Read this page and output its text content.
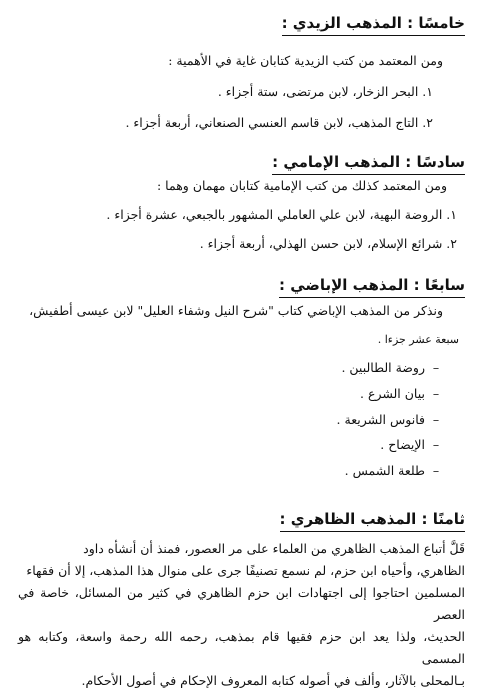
خامسًا : المذهب الزيدي :
ومن المعتمد من كتب الزيدية كتابان غاية في الأهمية :
١. البحر الزخار، لابن مرتضى، ستة أجزاء .
٢. التاج المذهب، لابن قاسم العنسي الصنعاني، أربعة أجزاء .
سادسًا : المذهب الإمامي :
ومن المعتمد كذلك من كتب الإمامية كتابان مهمان وهما :
١. الروضة البهية، لابن علي العاملي المشهور بالجبعي، عشرة أجزاء .
٢. شرائع الإسلام، لابن حسن الهذلي، أربعة أجزاء .
سابعًا : المذهب الإباضي :
ونذكر من المذهب الإباضي كتاب "شرح النيل وشفاء العليل" لابن عيسى أطفيش،
سبعة عشر جزءا .
–روضة الطالبين .
–بيان الشرع .
–فانوس الشريعة .
–الإيضاح .
–طلعة الشمس .
ثامنًا : المذهب الظاهري :
قَلَّ أتباع المذهب الظاهري من العلماء على مر العصور، فمنذ أن أنشأه داود
الظاهري، وأحياه ابن حزم، لم نسمع تصنيفًا جرى على منوال هذا المذهب، إلا أن فقهاء
المسلمين احتاجوا إلى اجتهادات ابن حزم الظاهري في كثير من المسائل، خاصة في العصر
الحديث، ولذا يعد ابن حزم فقيها قام بمذهب، رحمه الله رحمة واسعة، وكتابه هو المسمى
بـالمحلى بالآثار، وألف في أصوله كتابه المعروف الإحكام في أصول الأحكام.
